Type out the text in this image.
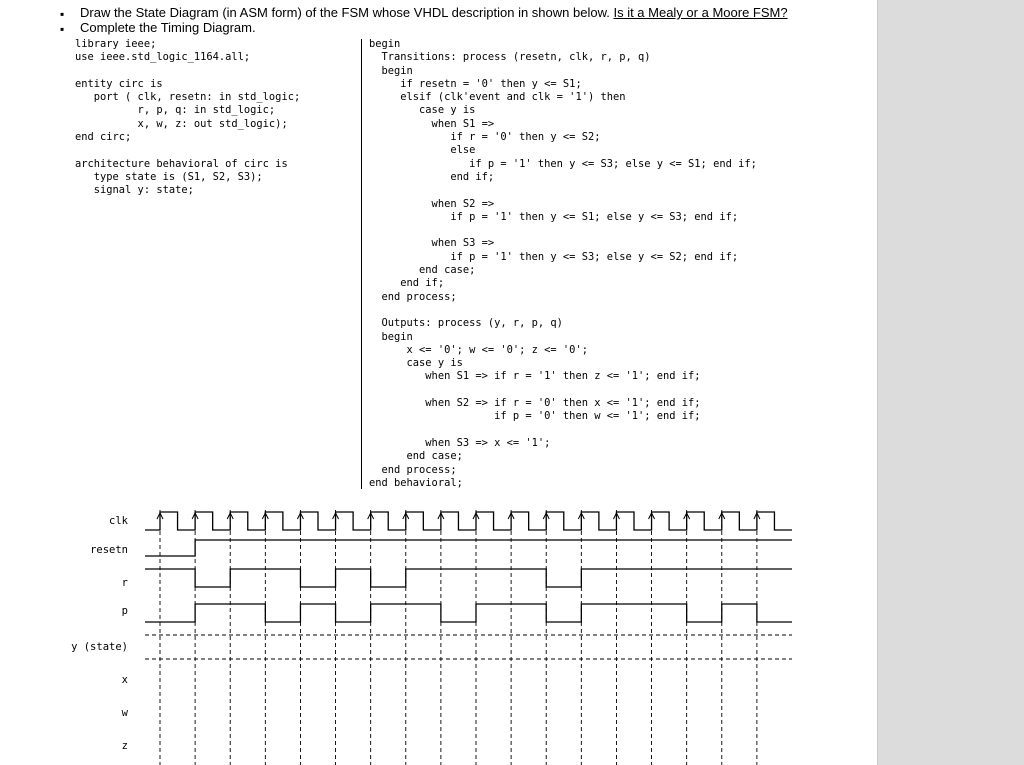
▪ Draw the State Diagram (in ASM form) of the FSM whose VHDL description in shown below. Is it a Mealy or a Moore FSM?
▪ Complete the Timing Diagram.
library ieee;
use ieee.std_logic_1164.all;

entity circ is
port ( clk, resetn: in std_logic;
r, p, q: in std_logic;
x, w, z: out std_logic);
end circ;

architecture behavioral of circ is
type state is (S1, S2, S3);
signal y: state;
begin
Transitions: process (resetn, clk, r, p, q)
begin
if resetn = '0' then y <= S1;
elsif (clk'event and clk = '1') then
case y is
when S1 =>
if r = '0' then y <= S2;
else
if p = '1' then y <= S3; else y <= S1; end if;
end if;

when S2 =>
if p = '1' then y <= S1; else y <= S3; end if;

when S3 =>
if p = '1' then y <= S3; else y <= S2; end if;
end case;
end if;
end process;

Outputs: process (y, r, p, q)
begin
x <= '0'; w <= '0'; z <= '0';
case y is
when S1 => if r = '1' then z <= '1'; end if;

when S2 => if r = '0' then x <= '1'; end if;
if p = '0' then w <= '1'; end if;

when S3 => x <= '1';
end case;
end process;
end behavioral;
clk
resetn
r
p
y (state)
x
w
z
